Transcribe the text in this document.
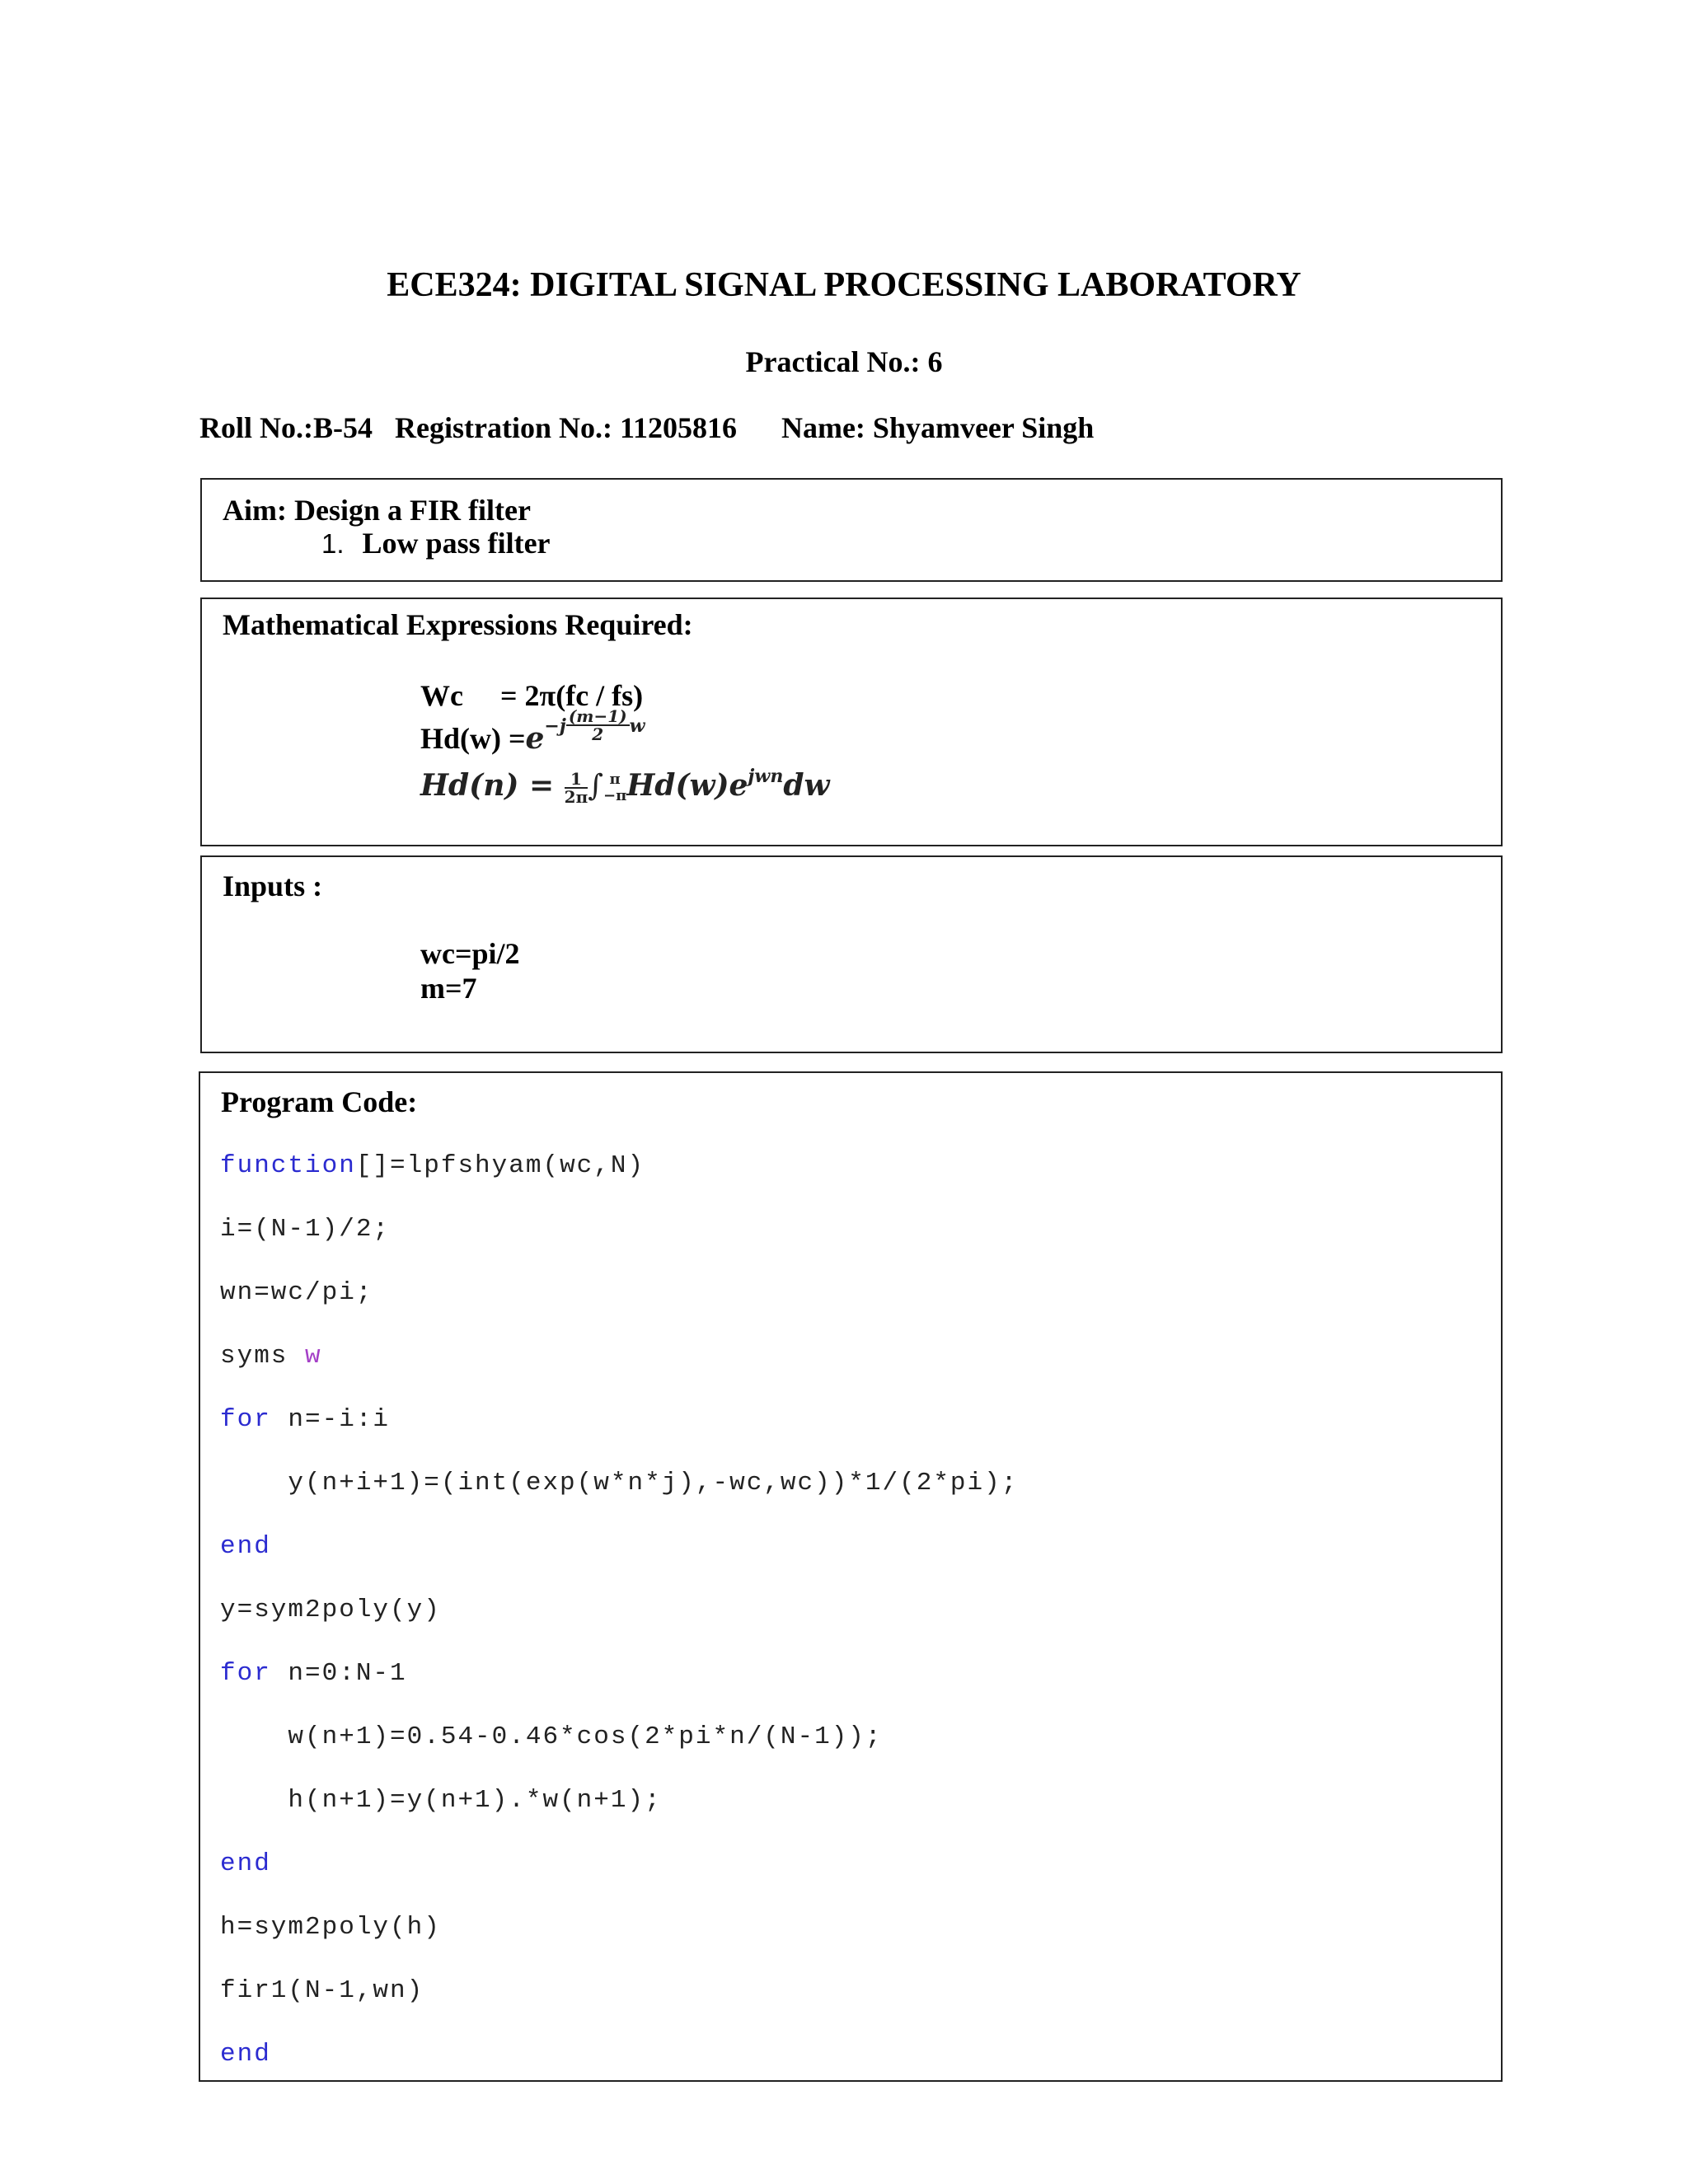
ECE324: DIGITAL SIGNAL PROCESSING LABORATORY
Practical No.: 6
Roll No.:B-54 Registration No.: 11205816 Name: Shyamveer Singh
Aim: Design a FIR filter
1. Low pass filter
Mathematical Expressions Required:
Wc = 2π(fc / fs)
$Hd(w) =e^{-j \frac{(m-1)}{2} w}$
$Hd(n) = \frac{1}{2\pi}$ ∫ π
−π $Hd(w)e^{jwn}dw$
Inputs :
wc=pi/2
m=7
Program Code:
function[]=lpfshyam(wc,N)
i=(N-1)/2;
wn=wc/pi;
syms w
for n=-i:i
y(n+i+1)=(int(exp(w*n*j),-wc,wc))*1/(2*pi);
end
y=sym2poly(y)
for n=0:N-1
w(n+1)=0.54-0.46*cos(2*pi*n/(N-1));
h(n+1)=y(n+1).*w(n+1);
end
h=sym2poly(h)
fir1(N-1,wn)
end
